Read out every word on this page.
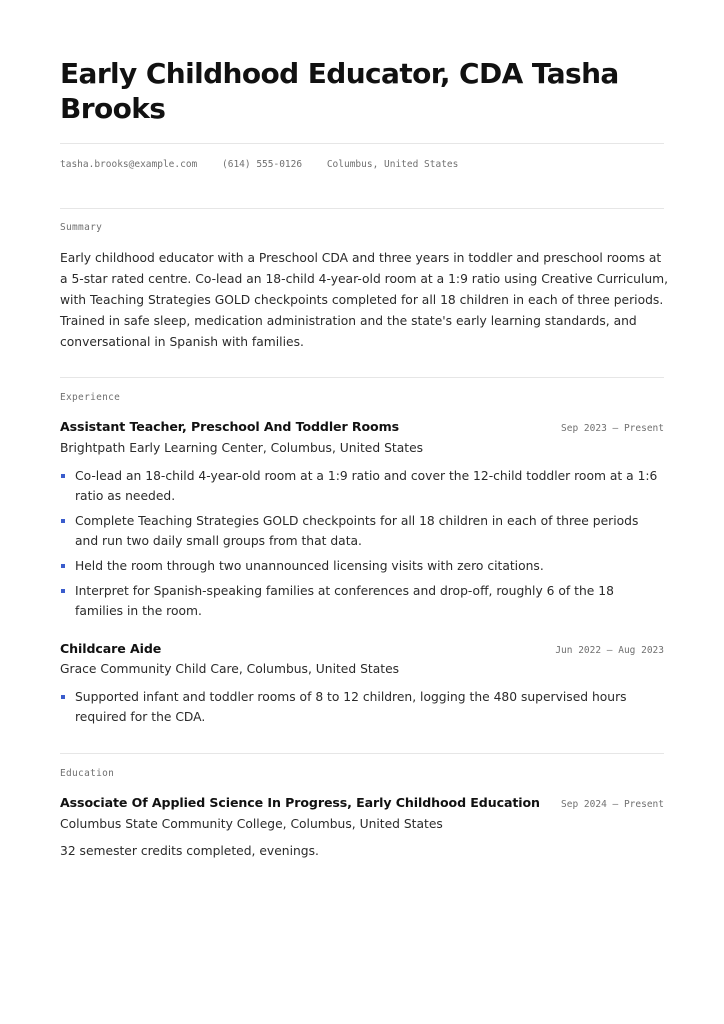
Early Childhood Educator, CDA Tasha Brooks
tasha.brooks@example.com	(614) 555-0126	Columbus, United States
Summary

Early childhood educator with a Preschool CDA and three years in toddler and preschool rooms at a 5-star rated centre. Co-lead an 18-child 4-year-old room at a 1:9 ratio using Creative Curriculum, with Teaching Strategies GOLD checkpoints completed for all 18 children in each of three periods. Trained in safe sleep, medication administration and the state's early learning standards, and conversational in Spanish with families.

Experience
Assistant Teacher, Preschool And Toddler Rooms	Sep 2023 – Present
Brightpath Early Learning Center, Columbus, United States
Co-lead an 18-child 4-year-old room at a 1:9 ratio and cover the 12-child toddler room at a 1:6 ratio as needed.
Complete Teaching Strategies GOLD checkpoints for all 18 children in each of three periods and run two daily small groups from that data.
Held the room through two unannounced licensing visits with zero citations.
Interpret for Spanish-speaking families at conferences and drop-off, roughly 6 of the 18 families in the room.
Childcare Aide	Jun 2022 – Aug 2023
Grace Community Child Care, Columbus, United States
Supported infant and toddler rooms of 8 to 12 children, logging the 480 supervised hours required for the CDA.
Education
Associate Of Applied Science In Progress, Early Childhood Education Sep 2024 – Present
Columbus State Community College, Columbus, United States
32 semester credits completed, evenings.
